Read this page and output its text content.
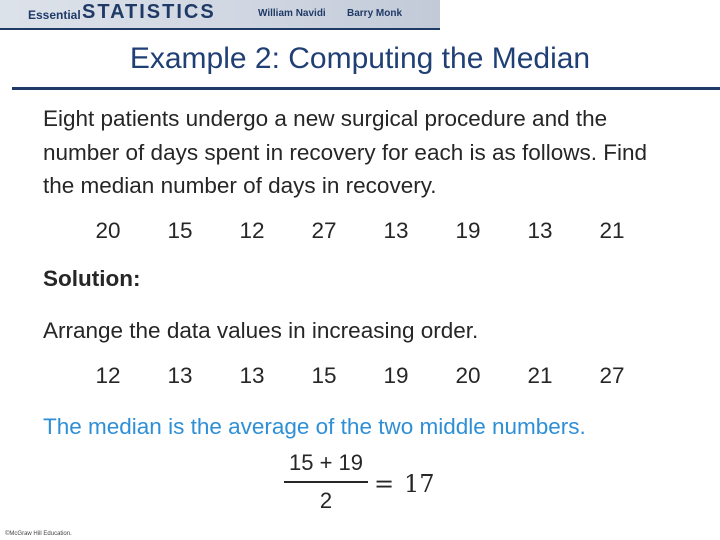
Essential STATISTICS	William Navidi Barry Monk
Example 2: Computing the Median
Eight patients undergo a new surgical procedure and the number of days spent in recovery for each is as follows. Find the median number of days in recovery.
20	15	12	27	13	19	13	21
Solution:
Arrange the data values in increasing order.
12	13	13	15	19	20	21	27
The median is the average of the two middle numbers.
15 + 19
2
= 17
©McGraw Hill Education.
